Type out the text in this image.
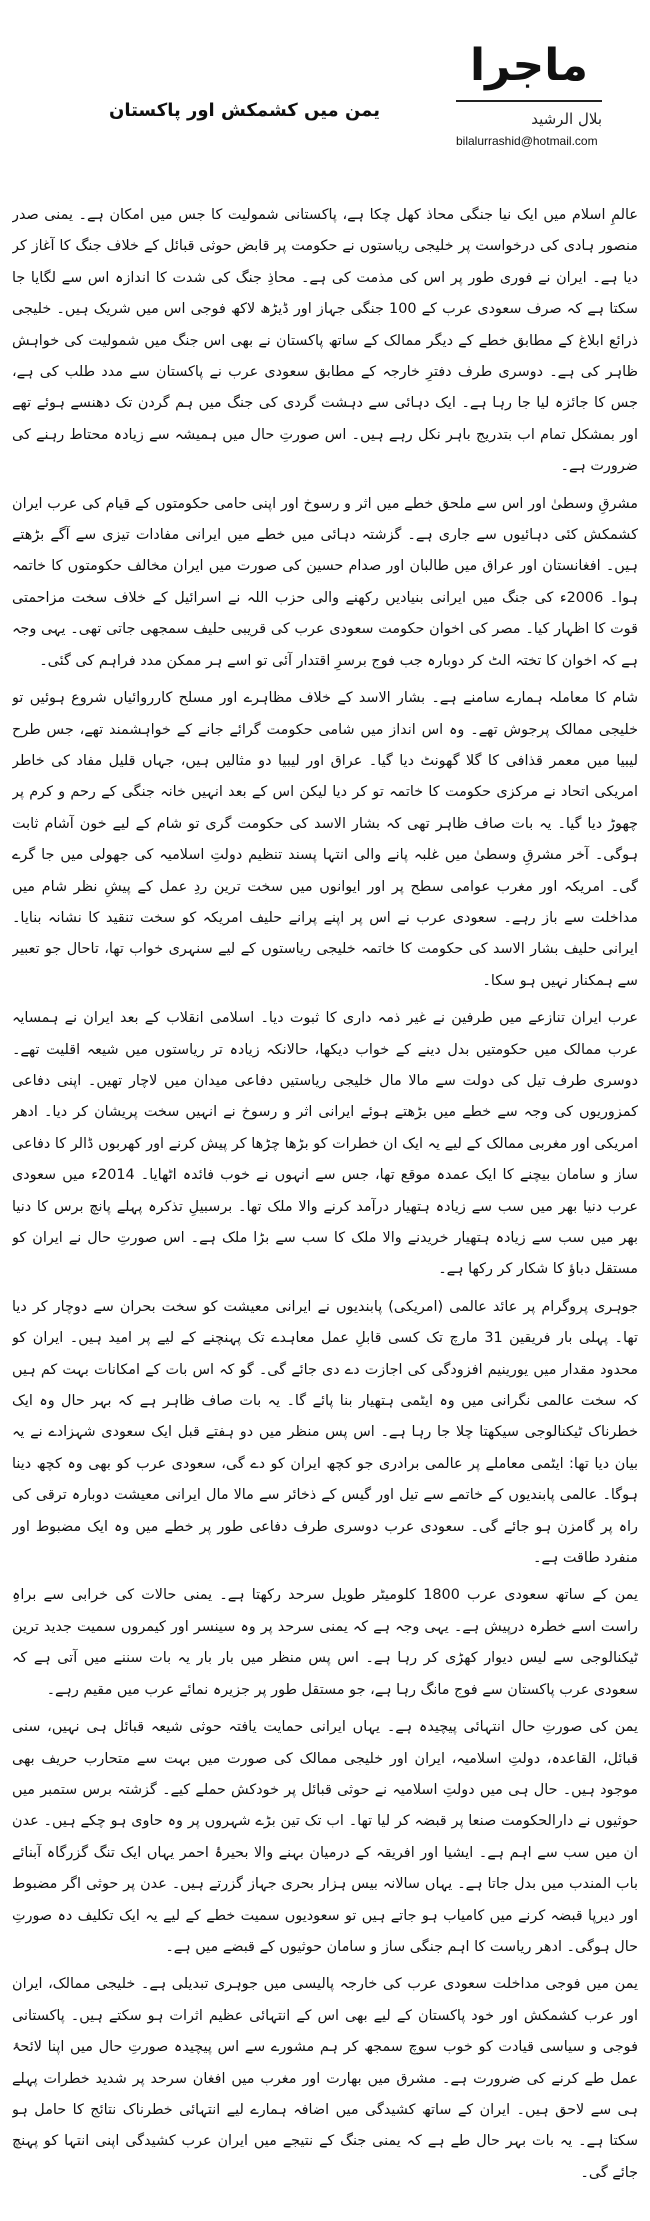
ماجرا
بلال الرشید
bilalurrashid@hotmail.com
یمن میں کشمکش اور پاکستان

عالمِ اسلام میں ایک نیا جنگی محاذ کھل چکا ہے، پاکستانی شمولیت کا جس میں امکان ہے۔ یمنی صدر منصور ہادی کی درخواست پر خلیجی ریاستوں نے حکومت پر قابض حوثی قبائل کے خلاف جنگ کا آغاز کر دیا ہے۔ ایران نے فوری طور پر اس کی مذمت کی ہے۔ محاذِ جنگ کی شدت کا اندازہ اس سے لگایا جا سکتا ہے کہ صرف سعودی عرب کے 100 جنگی جہاز اور ڈیڑھ لاکھ فوجی اس میں شریک ہیں۔ خلیجی ذرائع ابلاغ کے مطابق خطے کے دیگر ممالک کے ساتھ پاکستان نے بھی اس جنگ میں شمولیت کی خواہش ظاہر کی ہے۔ دوسری طرف دفترِ خارجہ کے مطابق سعودی عرب نے پاکستان سے مدد طلب کی ہے، جس کا جائزہ لیا جا رہا ہے۔ ایک دہائی سے دہشت گردی کی جنگ میں ہم گردن تک دھنسے ہوئے تھے اور بمشکل تمام اب بتدریج باہر نکل رہے ہیں۔ اس صورتِ حال میں ہمیشہ سے زیادہ محتاط رہنے کی ضرورت ہے۔

مشرقِ وسطیٰ اور اس سے ملحق خطے میں اثر و رسوخ اور اپنی حامی حکومتوں کے قیام کی عرب ایران کشمکش کئی دہائیوں سے جاری ہے۔ گزشتہ دہائی میں خطے میں ایرانی مفادات تیزی سے آگے بڑھتے ہیں۔ افغانستان اور عراق میں طالبان اور صدام حسین کی صورت میں ایران مخالف حکومتوں کا خاتمہ ہوا۔ 2006ء کی جنگ میں ایرانی بنیادیں رکھنے والی حزب اللہ نے اسرائیل کے خلاف سخت مزاحمتی قوت کا اظہار کیا۔ مصر کی اخوان حکومت سعودی عرب کی قریبی حلیف سمجھی جاتی تھی۔ یہی وجہ ہے کہ اخوان کا تختہ الٹ کر دوبارہ جب فوج برسرِ اقتدار آئی تو اسے ہر ممکن مدد فراہم کی گئی۔

شام کا معاملہ ہمارے سامنے ہے۔ بشار الاسد کے خلاف مظاہرے اور مسلح کارروائیاں شروع ہوئیں تو خلیجی ممالک پرجوش تھے۔ وہ اس انداز میں شامی حکومت گرائے جانے کے خواہشمند تھے، جس طرح لیبیا میں معمر قذافی کا گلا گھونٹ دیا گیا۔ عراق اور لیبیا دو مثالیں ہیں، جہاں قلیل مفاد کی خاطر امریکی اتحاد نے مرکزی حکومت کا خاتمہ تو کر دیا لیکن اس کے بعد انہیں خانہ جنگی کے رحم و کرم پر چھوڑ دیا گیا۔ یہ بات صاف ظاہر تھی کہ بشار الاسد کی حکومت گری تو شام کے لیے خون آشام ثابت ہوگی۔ آخر مشرقِ وسطیٰ میں غلبہ پانے والی انتہا پسند تنظیم دولتِ اسلامیہ کی جھولی میں جا گرے گی۔ امریکہ اور مغرب عوامی سطح پر اور ایوانوں میں سخت ترین ردِ عمل کے پیشِ نظر شام میں مداخلت سے باز رہے۔ سعودی عرب نے اس پر اپنے پرانے حلیف امریکہ کو سخت تنقید کا نشانہ بنایا۔ ایرانی حلیف بشار الاسد کی حکومت کا خاتمہ خلیجی ریاستوں کے لیے سنہری خواب تھا، تاحال جو تعبیر سے ہمکنار نہیں ہو سکا۔

عرب ایران تنازعے میں طرفین نے غیر ذمہ داری کا ثبوت دیا۔ اسلامی انقلاب کے بعد ایران نے ہمسایہ عرب ممالک میں حکومتیں بدل دینے کے خواب دیکھا، حالانکہ زیادہ تر ریاستوں میں شیعہ اقلیت تھے۔ دوسری طرف تیل کی دولت سے مالا مال خلیجی ریاستیں دفاعی میدان میں لاچار تھیں۔ اپنی دفاعی کمزوریوں کی وجہ سے خطے میں بڑھتے ہوئے ایرانی اثر و رسوخ نے انہیں سخت پریشان کر دیا۔ ادھر امریکی اور مغربی ممالک کے لیے یہ ایک ان خطرات کو بڑھا چڑھا کر پیش کرنے اور کھربوں ڈالر کا دفاعی ساز و سامان بیچنے کا ایک عمدہ موقع تھا، جس سے انہوں نے خوب فائدہ اٹھایا۔ 2014ء میں سعودی عرب دنیا بھر میں سب سے زیادہ ہتھیار درآمد کرنے والا ملک تھا۔ برسبیلِ تذکرہ پہلے پانچ برس کا دنیا بھر میں سب سے زیادہ ہتھیار خریدنے والا ملک کا سب سے بڑا ملک ہے۔ اس صورتِ حال نے ایران کو مستقل دباؤ کا شکار کر رکھا ہے۔

جوہری پروگرام پر عائد عالمی (امریکی) پابندیوں نے ایرانی معیشت کو سخت بحران سے دوچار کر دیا تھا۔ پہلی بار فریقین 31 مارچ تک کسی قابلِ عمل معاہدے تک پہنچنے کے لیے پر امید ہیں۔ ایران کو محدود مقدار میں یورینیم افزودگی کی اجازت دے دی جائے گی۔ گو کہ اس بات کے امکانات بہت کم ہیں کہ سخت عالمی نگرانی میں وہ ایٹمی ہتھیار بنا پائے گا۔ یہ بات صاف ظاہر ہے کہ بہر حال وہ ایک خطرناک ٹیکنالوجی سیکھتا چلا جا رہا ہے۔ اس پس منظر میں دو ہفتے قبل ایک سعودی شہزادے نے یہ بیان دیا تھا: ایٹمی معاملے پر عالمی برادری جو کچھ ایران کو دے گی، سعودی عرب کو بھی وہ کچھ دینا ہوگا۔ عالمی پابندیوں کے خاتمے سے تیل اور گیس کے ذخائر سے مالا مال ایرانی معیشت دوبارہ ترقی کی راہ پر گامزن ہو جائے گی۔ سعودی عرب دوسری طرف دفاعی طور پر خطے میں وہ ایک مضبوط اور منفرد طاقت ہے۔

یمن کے ساتھ سعودی عرب 1800 کلومیٹر طویل سرحد رکھتا ہے۔ یمنی حالات کی خرابی سے براہِ راست اسے خطرہ درپیش ہے۔ یہی وجہ ہے کہ یمنی سرحد پر وہ سینسر اور کیمروں سمیت جدید ترین ٹیکنالوجی سے لیس دیوار کھڑی کر رہا ہے۔ اس پس منظر میں بار بار یہ بات سننے میں آتی ہے کہ سعودی عرب پاکستان سے فوج مانگ رہا ہے، جو مستقل طور پر جزیرہ نمائے عرب میں مقیم رہے۔

یمن کی صورتِ حال انتہائی پیچیدہ ہے۔ یہاں ایرانی حمایت یافتہ حوثی شیعہ قبائل ہی نہیں، سنی قبائل، القاعدہ، دولتِ اسلامیہ، ایران اور خلیجی ممالک کی صورت میں بہت سے متحارب حریف بھی موجود ہیں۔ حال ہی میں دولتِ اسلامیہ نے حوثی قبائل پر خودکش حملے کیے۔ گزشتہ برس ستمبر میں حوثیوں نے دارالحکومت صنعا پر قبضہ کر لیا تھا۔ اب تک تین بڑے شہروں پر وہ حاوی ہو چکے ہیں۔ عدن ان میں سب سے اہم ہے۔ ایشیا اور افریقہ کے درمیان بہنے والا بحیرۂ احمر یہاں ایک تنگ گزرگاہ آبنائے باب المندب میں بدل جاتا ہے۔ یہاں سالانہ بیس ہزار بحری جہاز گزرتے ہیں۔ عدن پر حوثی اگر مضبوط اور دیرپا قبضہ کرنے میں کامیاب ہو جاتے ہیں تو سعودیوں سمیت خطے کے لیے یہ ایک تکلیف دہ صورتِ حال ہوگی۔ ادھر ریاست کا اہم جنگی ساز و سامان حوثیوں کے قبضے میں ہے۔

یمن میں فوجی مداخلت سعودی عرب کی خارجہ پالیسی میں جوہری تبدیلی ہے۔ خلیجی ممالک، ایران اور عرب کشمکش اور خود پاکستان کے لیے بھی اس کے انتہائی عظیم اثرات ہو سکتے ہیں۔ پاکستانی فوجی و سیاسی قیادت کو خوب سوچ سمجھ کر ہم مشورے سے اس پیچیدہ صورتِ حال میں اپنا لائحۂ عمل طے کرنے کی ضرورت ہے۔ مشرق میں بھارت اور مغرب میں افغان سرحد پر شدید خطرات پہلے ہی سے لاحق ہیں۔ ایران کے ساتھ کشیدگی میں اضافہ ہمارے لیے انتہائی خطرناک نتائج کا حامل ہو سکتا ہے۔ یہ بات بہر حال طے ہے کہ یمنی جنگ کے نتیجے میں ایران عرب کشیدگی اپنی انتہا کو پہنچ جائے گی۔
